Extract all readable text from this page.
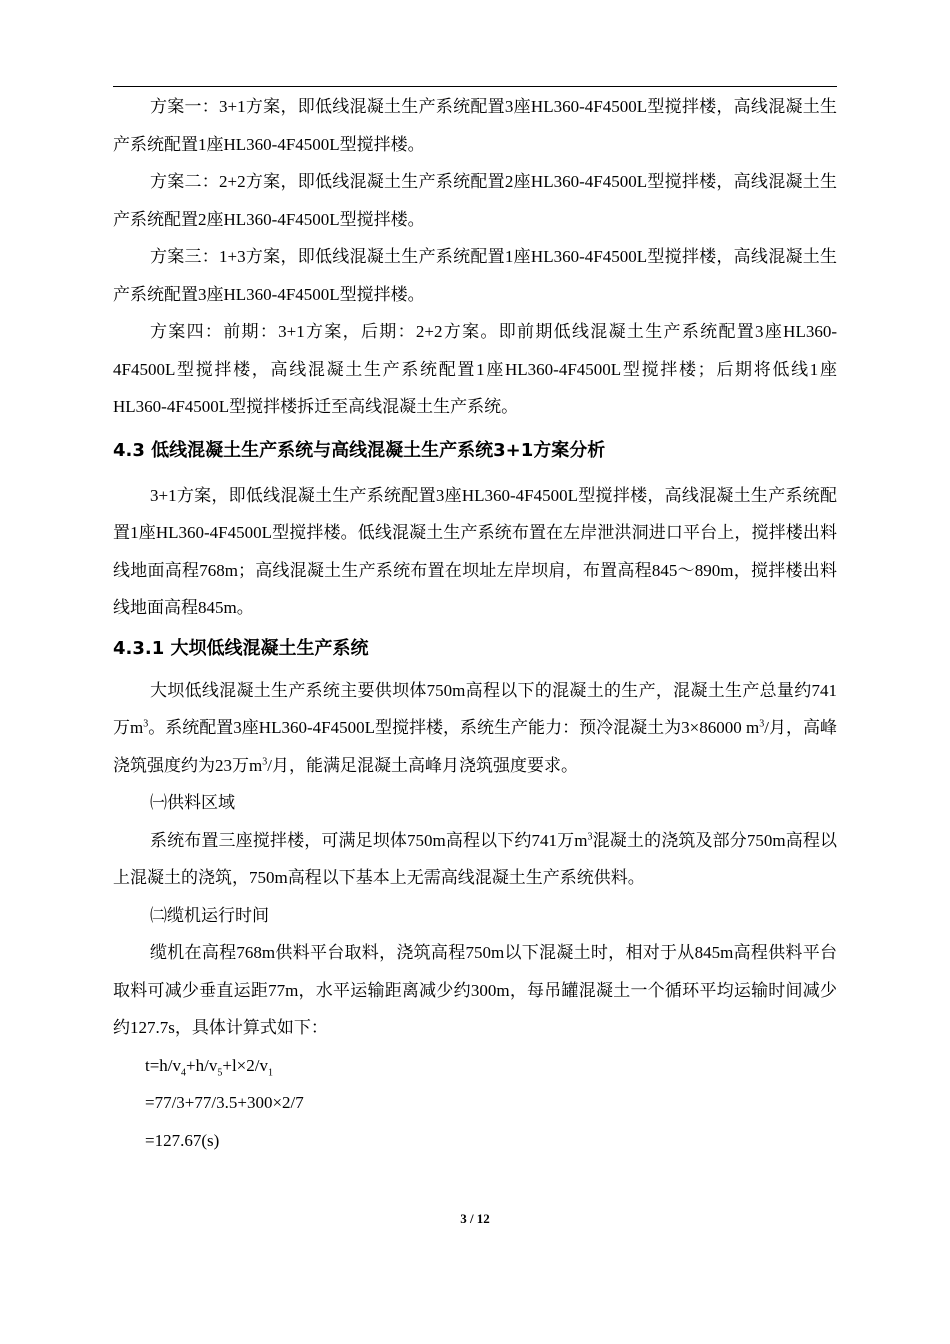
方案一：3+1方案，即低线混凝土生产系统配置3座HL360-4F4500L型搅拌楼，高线混凝土生产系统配置1座HL360-4F4500L型搅拌楼。

方案二：2+2方案，即低线混凝土生产系统配置2座HL360-4F4500L型搅拌楼，高线混凝土生产系统配置2座HL360-4F4500L型搅拌楼。

方案三：1+3方案，即低线混凝土生产系统配置1座HL360-4F4500L型搅拌楼，高线混凝土生产系统配置3座HL360-4F4500L型搅拌楼。

方案四：前期：3+1方案，后期：2+2方案。即前期低线混凝土生产系统配置3座HL360-4F4500L型搅拌楼，高线混凝土生产系统配置1座HL360-4F4500L型搅拌楼；后期将低线1座HL360-4F4500L型搅拌楼拆迁至高线混凝土生产系统。

4.3 低线混凝土生产系统与高线混凝土生产系统3+1方案分析

3+1方案，即低线混凝土生产系统配置3座HL360-4F4500L型搅拌楼，高线混凝土生产系统配置1座HL360-4F4500L型搅拌楼。低线混凝土生产系统布置在左岸泄洪洞进口平台上，搅拌楼出料线地面高程768m；高线混凝土生产系统布置在坝址左岸坝肩，布置高程845～890m，搅拌楼出料线地面高程845m。

4.3.1 大坝低线混凝土生产系统

大坝低线混凝土生产系统主要供坝体750m高程以下的混凝土的生产，混凝土生产总量约741万$m^3$。系统配置3座HL360-4F4500L型搅拌楼，系统生产能力：预冷混凝土为3×86000 $m^3/$月，高峰浇筑强度约为23万$m^3/$月，能满足混凝土高峰月浇筑强度要求。

㈠供料区域

系统布置三座搅拌楼，可满足坝体750m高程以下约741万$m^3$混凝土的浇筑及部分750m高程以上混凝土的浇筑，750m高程以下基本上无需高线混凝土生产系统供料。

㈡缆机运行时间

缆机在高程768m供料平台取料，浇筑高程750m以下混凝土时，相对于从845m高程供料平台取料可减少垂直运距77m，水平运输距离减少约300m，每吊罐混凝土一个循环平均运输时间减少约127.7s，具体计算式如下：

$t=h/v_4+h/v_5+l\times 2/v_1$

=77/3+77/3.5+300×2/7

=127.67(s)

3 / 12
